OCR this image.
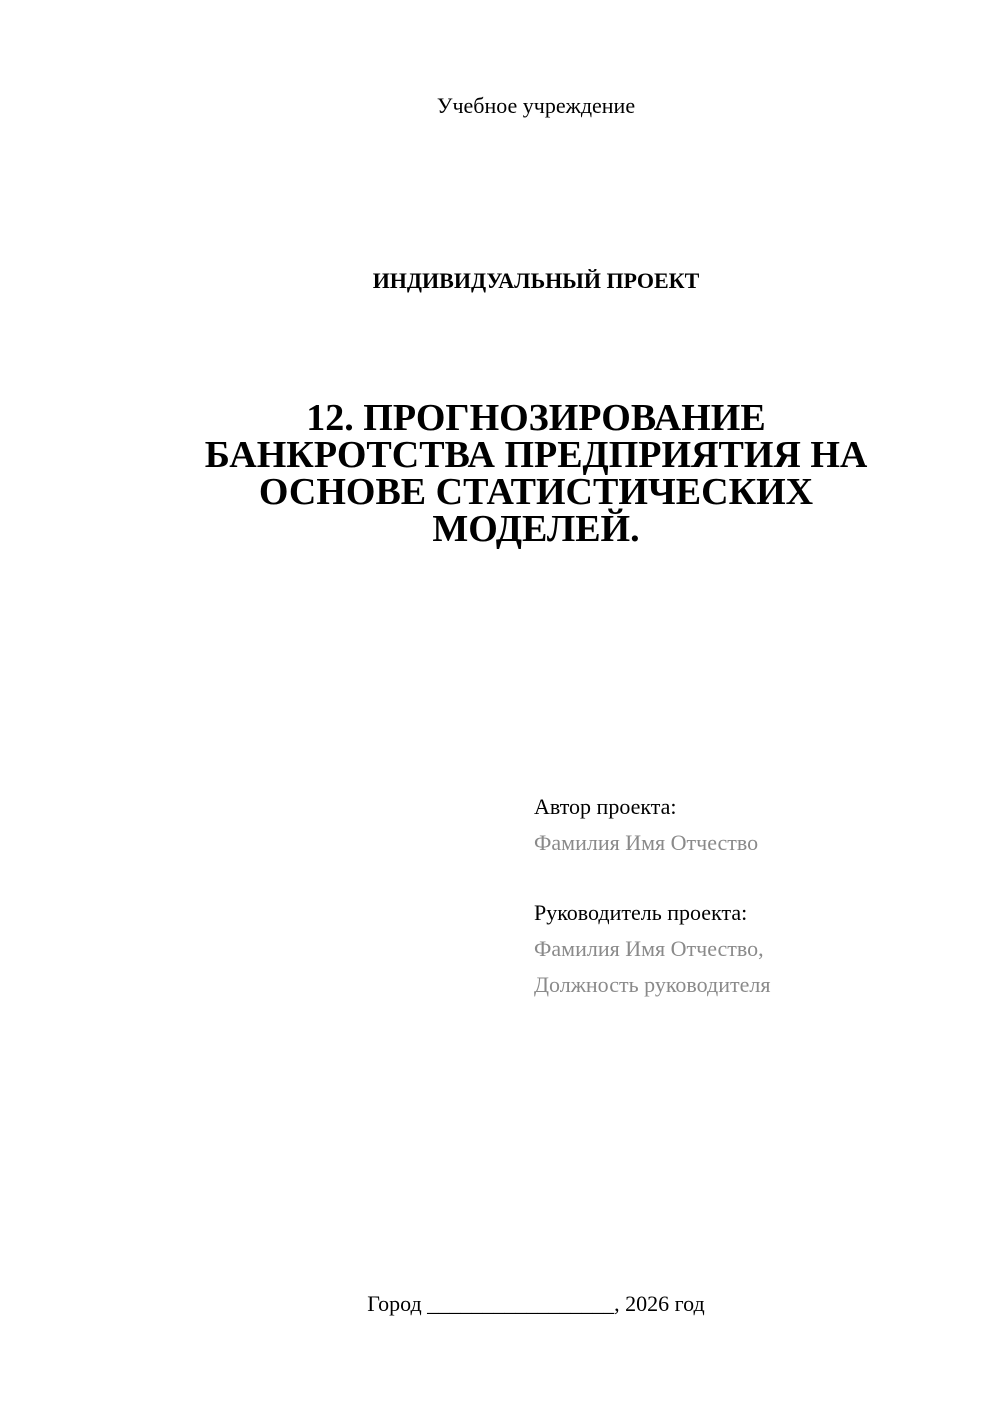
Учебное учреждение
ИНДИВИДУАЛЬНЫЙ ПРОЕКТ
12. ПРОГНОЗИРОВАНИЕ
БАНКРОТСТВА ПРЕДПРИЯТИЯ НА
ОСНОВЕ СТАТИСТИЧЕСКИХ
МОДЕЛЕЙ.
Автор проекта:
Фамилия Имя Отчество
Руководитель проекта:
Фамилия Имя Отчество,
Должность руководителя
Город _________________, 2026 год
